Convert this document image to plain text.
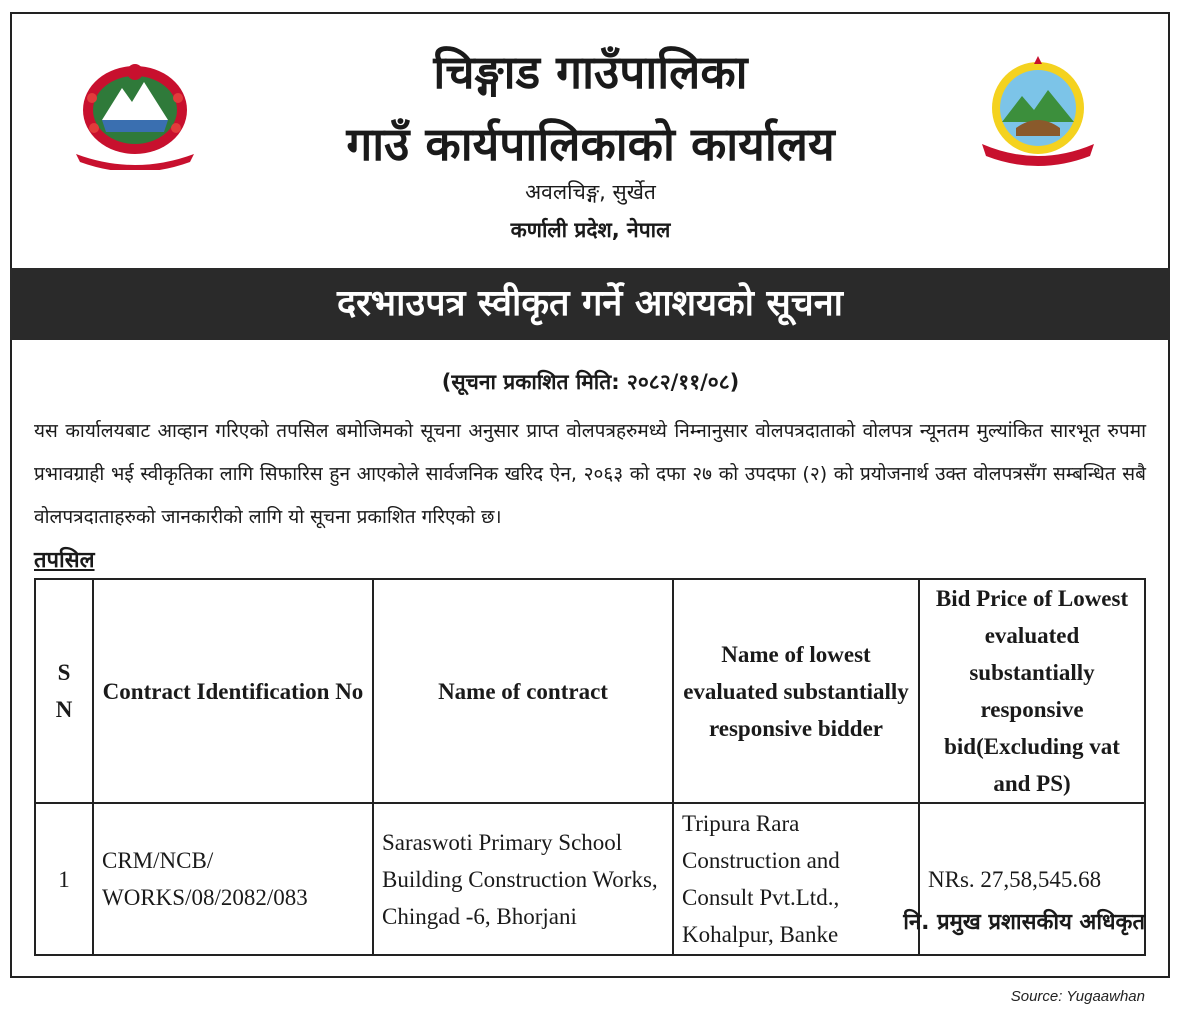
चिङ्गाड गाउँपालिका
गाउँ कार्यपालिकाको कार्यालय
अवलचिङ्ग, सुर्खेत
कर्णाली प्रदेश, नेपाल
दरभाउपत्र स्वीकृत गर्ने आशयको सूचना
(सूचना प्रकाशित मिति: २०८२/११/०८)
यस कार्यालयबाट आव्हान गरिएको तपसिल बमोजिमको सूचना अनुसार प्राप्त वोलपत्रहरुमध्ये निम्नानुसार वोलपत्रदाताको वोलपत्र न्यूनतम मुल्यांकित सारभूत रुपमा प्रभावग्राही भई स्वीकृतिका लागि सिफारिस हुन आएकोले सार्वजनिक खरिद ऐन, २०६३ को दफा २७ को उपदफा (२) को प्रयोजनार्थ उक्त वोलपत्रसँग सम्बन्धित सबै वोलपत्रदाताहरुको जानकारीको लागि यो सूचना प्रकाशित गरिएको छ।
तपसिल
S N	Contract Identification No	Name of contract	Name of lowest evaluated substantially responsive bidder	Bid Price of Lowest evaluated substantially responsive bid(Excluding vat and PS)
1	CRM/NCB/ WORKS/08/2082/083	Saraswoti Primary School Building Construction Works, Chingad -6, Bhorjani	Tripura Rara Construction and Consult Pvt.Ltd., Kohalpur, Banke	NRs. 27,58,545.68
नि. प्रमुख प्रशासकीय अधिकृत
Source: Yugaawhan
